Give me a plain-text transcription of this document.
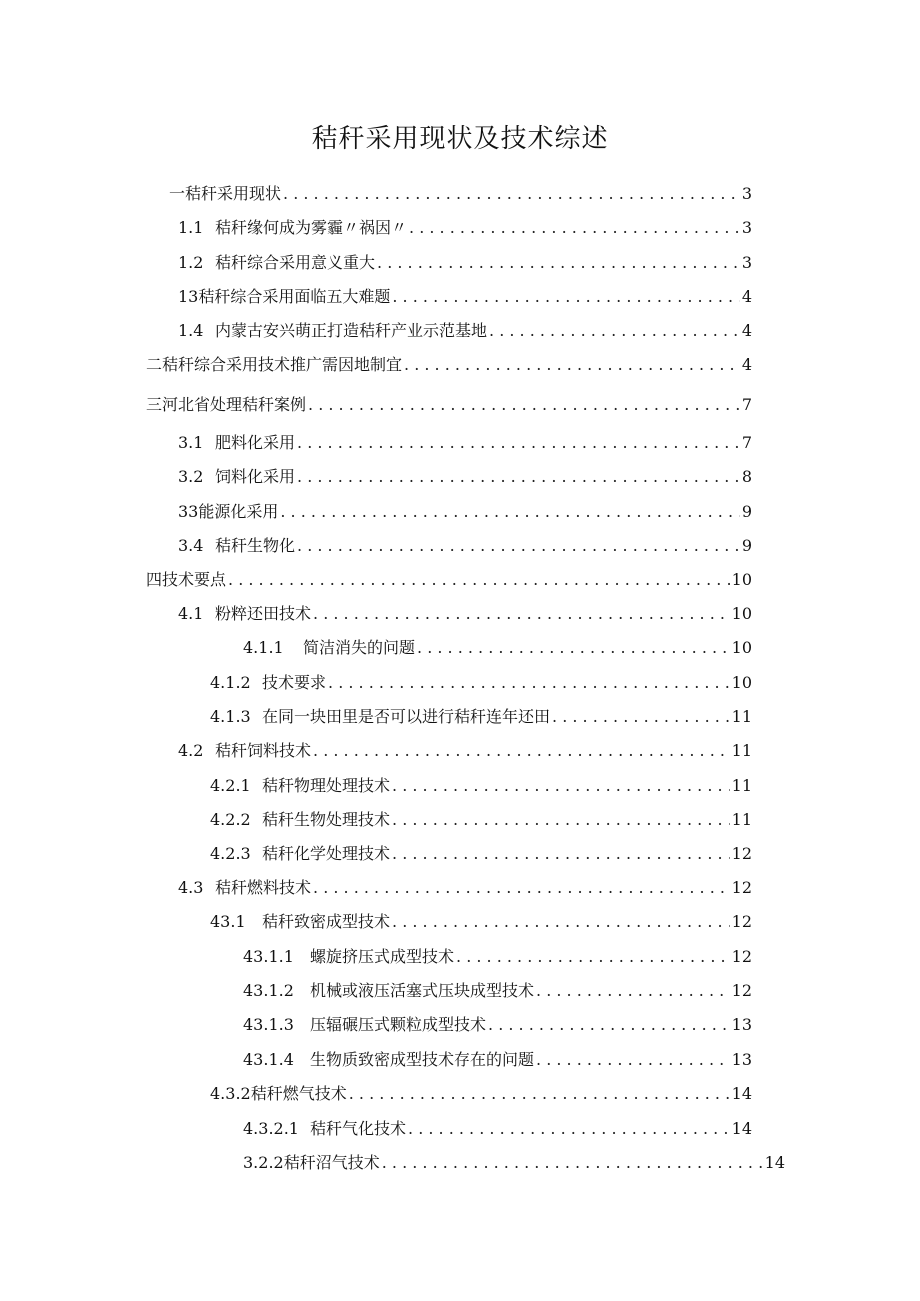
秸秆采用现状及技术综述
一秸秆采用现状 . . .	3
1.1 秸秆缘何成为雾霾〃祸因〃 . . .	3
1.2 秸秆综合采用意义重大 . . .	3
13秸秆综合采用面临五大难题 . . .	4
1.4 内蒙古安兴萌正打造秸秆产业示范基地 . . .	4
二秸秆综合采用技术推广需因地制宜 . . .	4
三河北省处理秸秆案例 . . .	7
3.1 肥料化采用 . . .	7
3.2 饲料化采用 . . .	8
33能源化采用 . . .	9
3.4 秸秆生物化 . . .	9
四技术要点 . . .	10
4.1 粉粹还田技术 . . .	10
4.1.1	简洁消失的问题 . . .	10
4.1.2 技术要求 . . .	10
4.1.3 在同一块田里是否可以进行秸秆连年还田 . . .	11
4.2 秸秆饲料技术 . . .	11
4.2.1 秸秆物理处理技术 . . .	11
4.2.2 秸秆生物处理技术 . . .	11
4.2.3 秸秆化学处理技术 . . .	12
4.3 秸秆燃料技术 . . .	12
43.1	秸秆致密成型技术 . . .	12
43.1.1	螺旋挤压式成型技术 . . .	12
43.1.2	机械或液压活塞式压块成型技术 . . .	12
43.1.3	压辐碾压式颗粒成型技术 . . .	13
43.1.4	生物质致密成型技术存在的问题 . . .	13
4.3.2秸秆燃气技术 . . .	14
4.3.2.1 秸秆气化技术 . . .	14
3.2.2秸秆沼气技术 . . .	14
